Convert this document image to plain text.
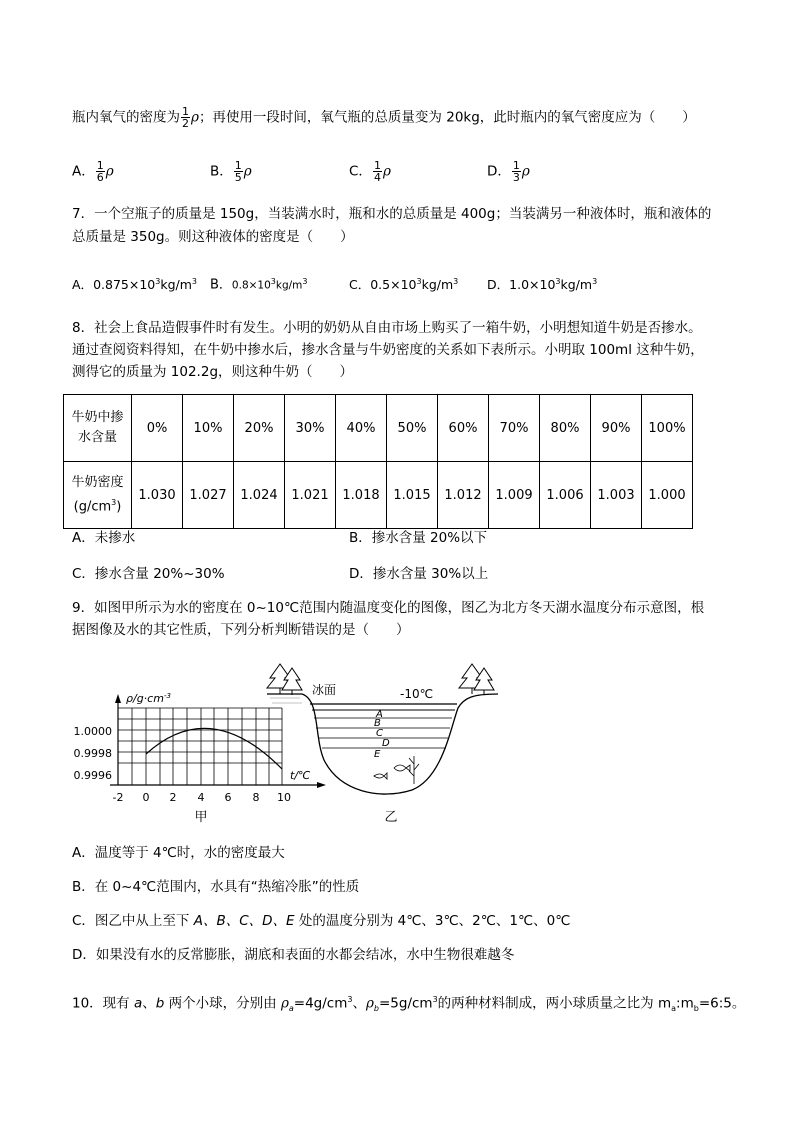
瓶内氧气的密度为 $\frac{1}{2}$ ρ；再使用一段时间，氧气瓶的总质量变为 20kg，此时瓶内的氧气密度应为（　　）
A． $\frac{1}{6}$ ρ	B． $\frac{1}{5}$ ρ	C． $\frac{1}{4}$ ρ	D． $\frac{1}{3}$ ρ
7．一个空瓶子的质量是 150g，当装满水时，瓶和水的总质量是 400g；当装满另一种液体时，瓶和液体的
总质量是 350g。则这种液体的密度是（　　）
A．$0.875\times 10^3kg/m^3$ B．$0.8\times 10^3kg/m^3$	C．$0.5\times 10^3kg/m^3$ D．$1.0\times 10^3kg/m^3$
8．社会上食品造假事件时有发生。小明的奶奶从自由市场上购买了一箱牛奶，小明想知道牛奶是否掺水。
通过查阅资料得知，在牛奶中掺水后，掺水含量与牛奶密度的关系如下表所示。小明取 100ml 这种牛奶，
测得它的质量为 102.2g，则这种牛奶（　　）
牛奶中掺
水含量	0%	10%	20%	30%	40%	50%	60%	70%	80%	90%	100%
牛奶密度
$(g/cm^3)$	1.030	1.027	1.024	1.021	1.018	1.015	1.012	1.009	1.006	1.003	1.000
A．未掺水	B．掺水含量 20%以下
C．掺水含量 20%~30%	D．掺水含量 30%以上
9．如图甲所示为水的密度在 0~10℃范围内随温度变化的图像，图乙为北方冬天湖水温度分布示意图，根
据图像及水的其它性质，下列分析判断错误的是（　　）
$\rho/g\cdot cm^{-3}$
t/℃
1.0000
0.9998
0.9996
-2 0 2 4 6 8 10
甲
冰面	-10℃
A
B
C
D
E
乙
A．温度等于 4℃时，水的密度最大
B．在 0~4℃范围内，水具有“热缩冷胀”的性质
C．图乙中从上至下 A、B、C、D、E 处的温度分别为 4℃、3℃、2℃、1℃、0℃
D．如果没有水的反常膨胀，湖底和表面的水都会结冰，水中生物很难越冬
10．现有 a、b 两个小球，分别由 $\rho_a=4g/cm^3$、$\rho_b=5g/cm^3$的两种材料制成，两小球质量之比为 $m_a:m_b=6:5$。
